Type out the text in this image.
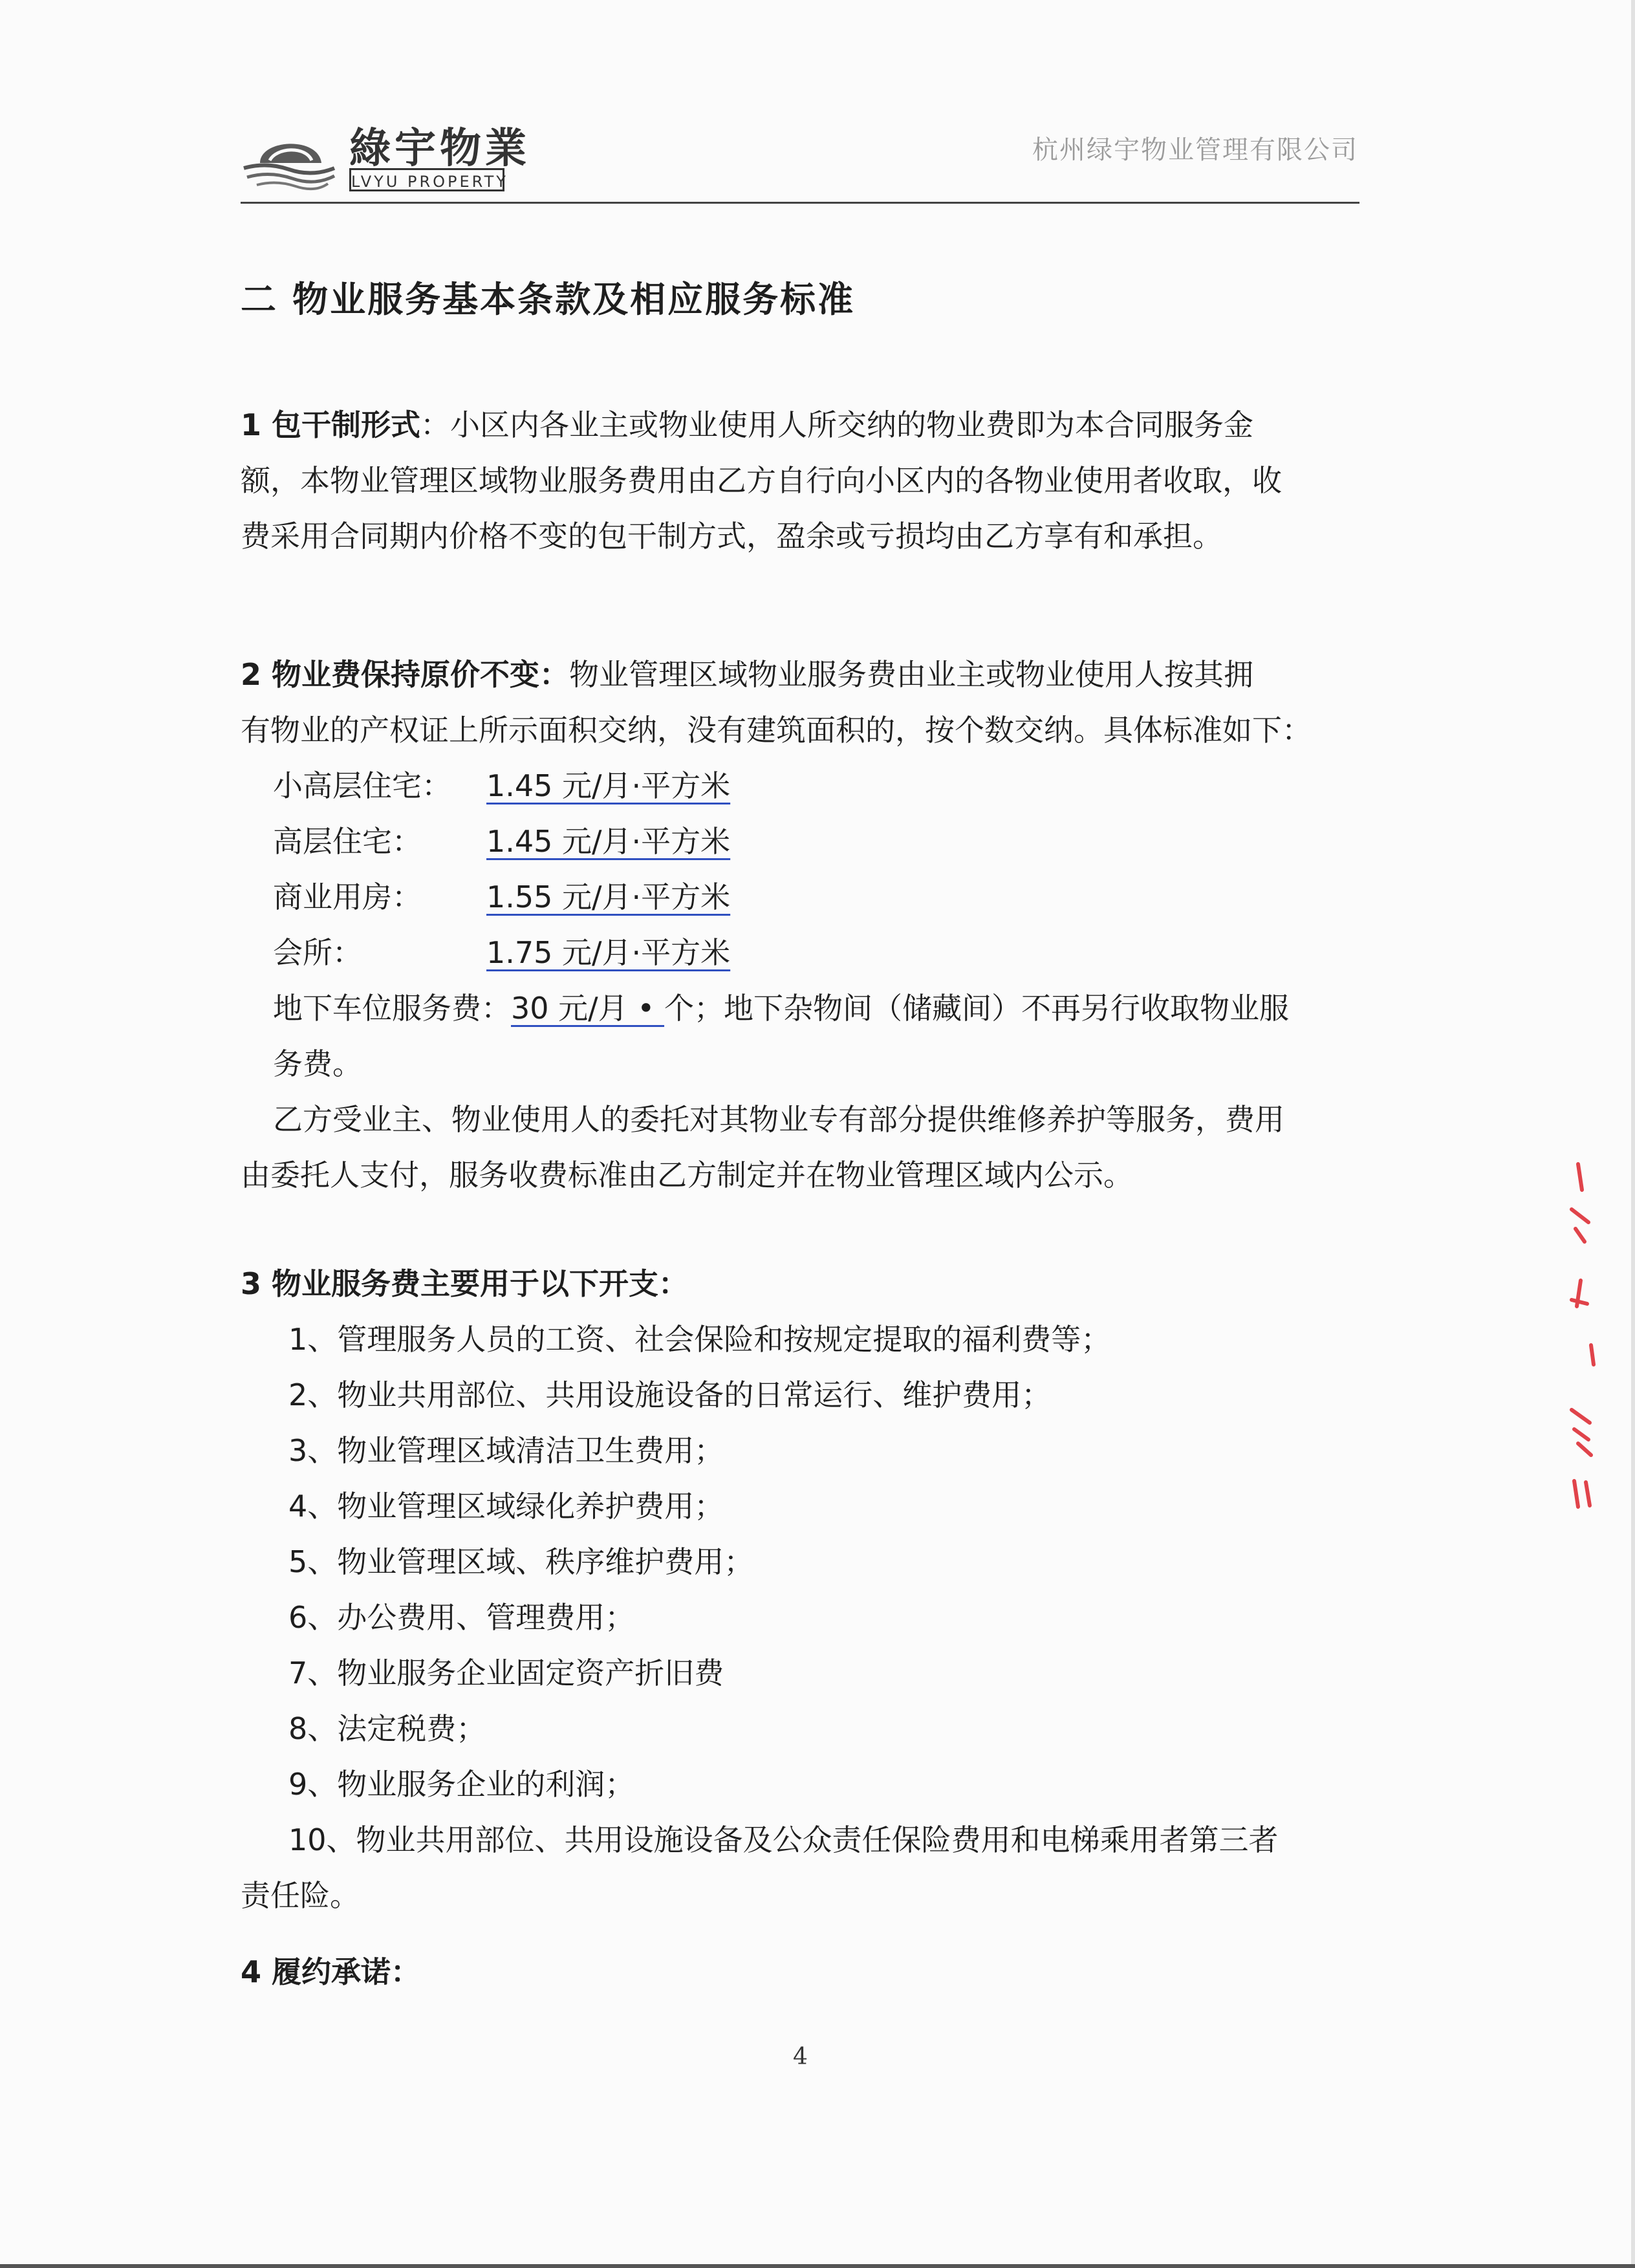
綠宇物業
LVYU PROPERTY
杭州绿宇物业管理有限公司
二 物业服务基本条款及相应服务标准
1 包干制形式：小区内各业主或物业使用人所交纳的物业费即为本合同服务金
额，本物业管理区域物业服务费用由乙方自行向小区内的各物业使用者收取，收
费采用合同期内价格不变的包干制方式，盈余或亏损均由乙方享有和承担。
2 物业费保持原价不变：物业管理区域物业服务费由业主或物业使用人按其拥
有物业的产权证上所示面积交纳，没有建筑面积的，按个数交纳。具体标准如下：
小高层住宅： 1.45 元/月·平方米
高层住宅： 1.45 元/月·平方米
商业用房： 1.55 元/月·平方米
会所：	1.75 元/月·平方米
地下车位服务费：30 元/月 • 个；地下杂物间（储藏间）不再另行收取物业服
务费。
乙方受业主、物业使用人的委托对其物业专有部分提供维修养护等服务，费用
由委托人支付，服务收费标准由乙方制定并在物业管理区域内公示。
3 物业服务费主要用于以下开支：
1、管理服务人员的工资、社会保险和按规定提取的福利费等；
2、物业共用部位、共用设施设备的日常运行、维护费用；
3、物业管理区域清洁卫生费用；
4、物业管理区域绿化养护费用；
5、物业管理区域、秩序维护费用；
6、办公费用、管理费用；
7、物业服务企业固定资产折旧费
8、法定税费；
9、物业服务企业的利润；
10、物业共用部位、共用设施设备及公众责任保险费用和电梯乘用者第三者
责任险。
4 履约承诺：
4
